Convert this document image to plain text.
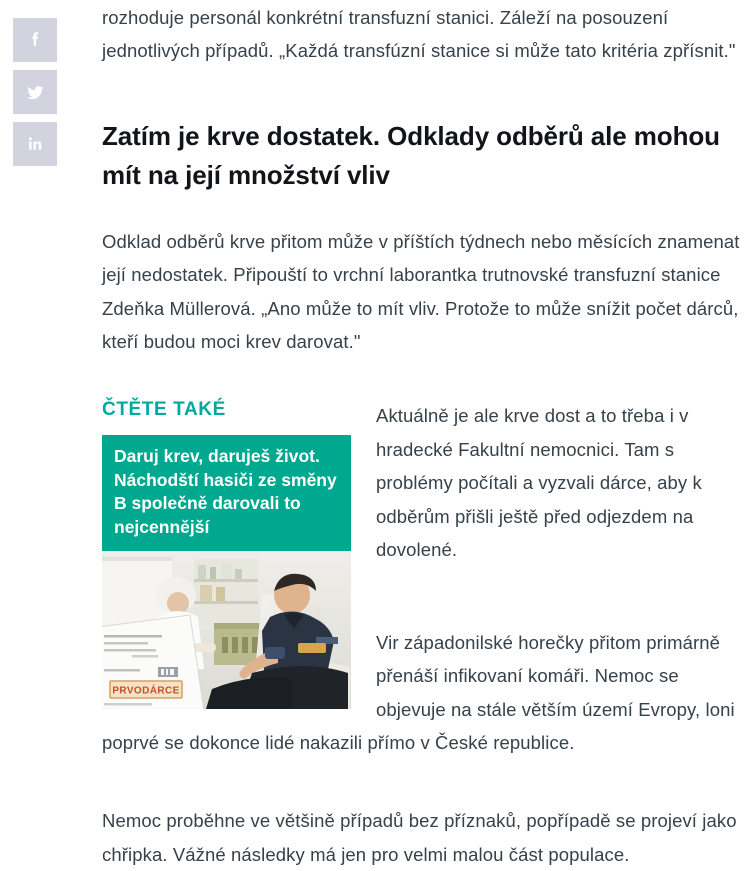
rozhoduje personál konkrétní transfuzní stanici. Záleží na posouzení jednotlivých případů. „Každá transfúzní stanice si může tato kritéria zpřísnit."

Zatím je krve dostatek. Odklady odběrů ale mohou mít na její množství vliv

Odklad odběrů krve přitom může v příštích týdnech nebo měsících znamenat její nedostatek. Připouští to vrchní laborantka trutnovské transfuzní stanice Zdeňka Müllerová. „Ano může to mít vliv. Protože to může snížit počet dárců, kteří budou moci krev darovat."

ČTĚTE TAKÉ
Daruj krev, daruješ život. Náchodští hasiči ze směny B společně darovali to nejcennější
PRVODÁRCE

Aktuálně je ale krve dost a to třeba i v hradecké Fakultní nemocnici. Tam s problémy počítali a vyzvali dárce, aby k odběrům přišli ještě před odjezdem na dovolené.

Vir západonilské horečky přitom primárně přenáší infikovaní komáři. Nemoc se objevuje na stále větším území Evropy, loni poprvé se dokonce lidé nakazili přímo v České republice.

Nemoc proběhne ve většině případů bez příznaků, popřípadě se projeví jako chřipka. Vážné následky má jen pro velmi malou část populace.
